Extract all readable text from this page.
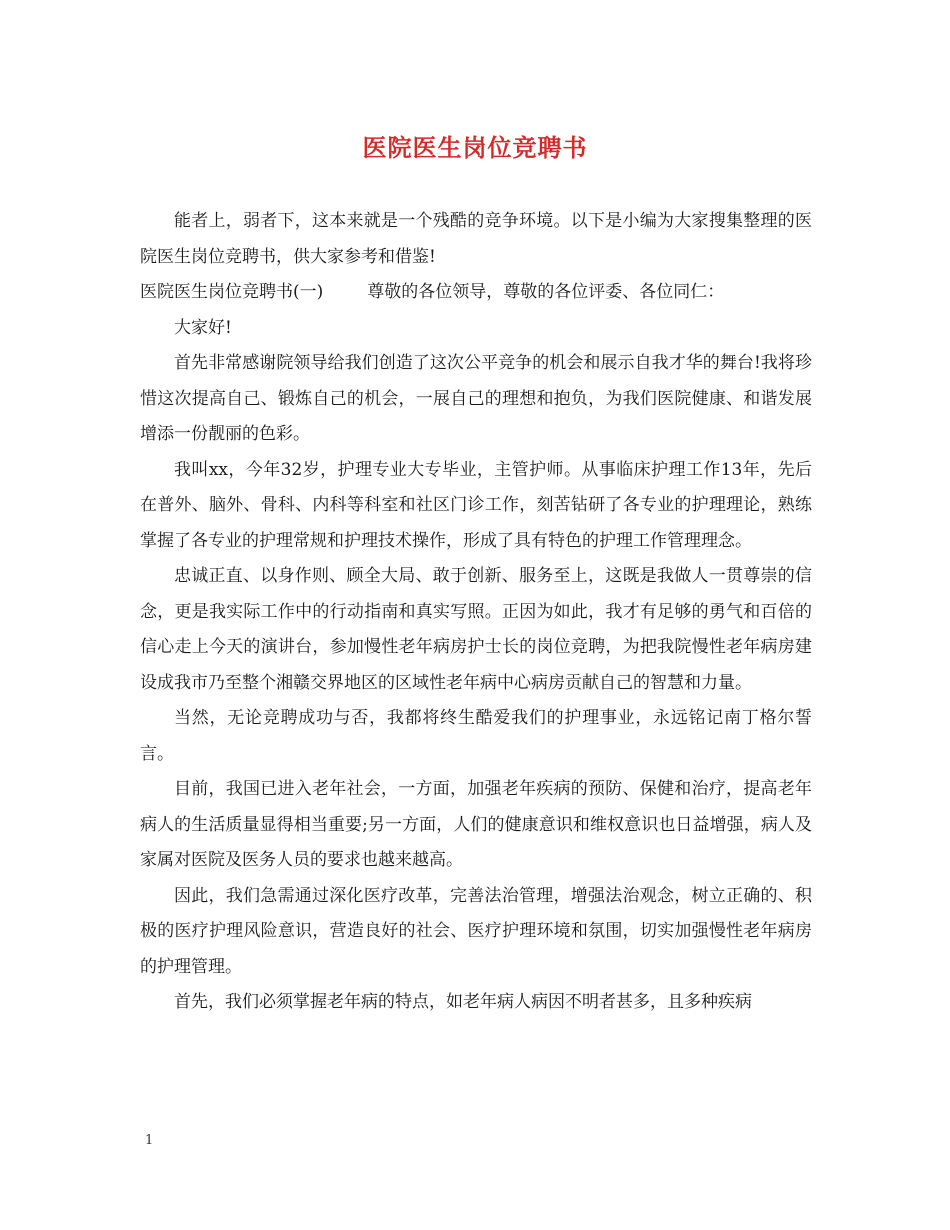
医院医生岗位竞聘书

能者上，弱者下，这本来就是一个残酷的竞争环境。以下是小编为大家搜集整理的医院医生岗位竞聘书，供大家参考和借鉴!

医院医生岗位竞聘书(一)	尊敬的各位领导，尊敬的各位评委、各位同仁：

大家好!

首先非常感谢院领导给我们创造了这次公平竞争的机会和展示自我才华的舞台!我将珍惜这次提高自己、锻炼自己的机会，一展自己的理想和抱负，为我们医院健康、和谐发展增添一份靓丽的色彩。

我叫xx，今年32岁，护理专业大专毕业，主管护师。从事临床护理工作13年，先后在普外、脑外、骨科、内科等科室和社区门诊工作，刻苦钻研了各专业的护理理论，熟练掌握了各专业的护理常规和护理技术操作，形成了具有特色的护理工作管理理念。

忠诚正直、以身作则、顾全大局、敢于创新、服务至上，这既是我做人一贯尊崇的信念，更是我实际工作中的行动指南和真实写照。正因为如此，我才有足够的勇气和百倍的信心走上今天的演讲台，参加慢性老年病房护士长的岗位竞聘，为把我院慢性老年病房建设成我市乃至整个湘赣交界地区的区域性老年病中心病房贡献自己的智慧和力量。

当然，无论竞聘成功与否，我都将终生酷爱我们的护理事业，永远铭记南丁格尔誓言。

目前，我国已进入老年社会，一方面，加强老年疾病的预防、保健和治疗，提高老年病人的生活质量显得相当重要;另一方面，人们的健康意识和维权意识也日益增强，病人及家属对医院及医务人员的要求也越来越高。

因此，我们急需通过深化医疗改革，完善法治管理，增强法治观念，树立正确的、积极的医疗护理风险意识，营造良好的社会、医疗护理环境和氛围，切实加强慢性老年病房的护理管理。

首先，我们必须掌握老年病的特点，如老年病人病因不明者甚多，且多种疾病

1
